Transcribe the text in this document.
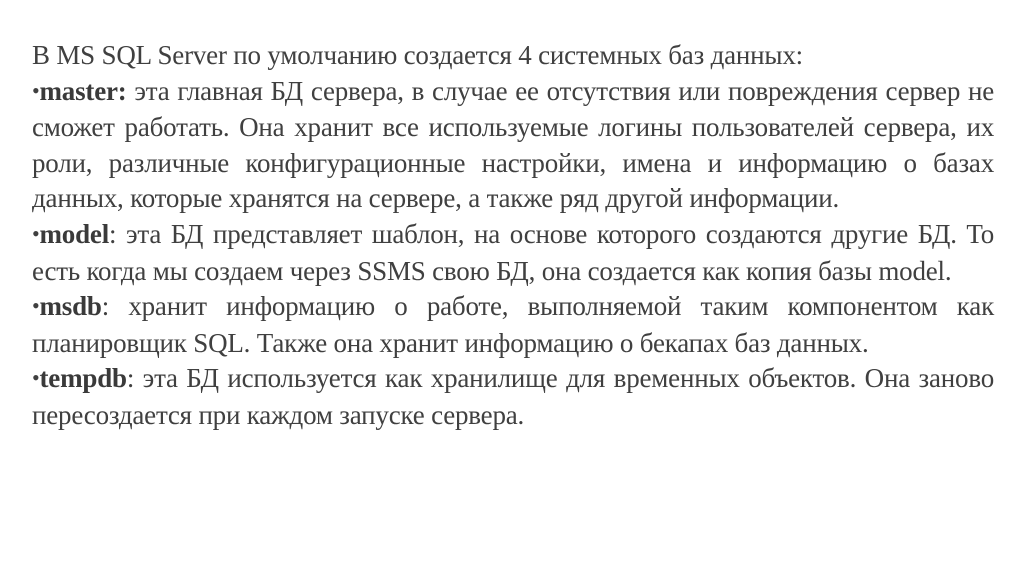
В MS SQL Server по умолчанию создается 4 системных баз данных:

•master: эта главная БД сервера, в случае ее отсутствия или повреждения сервер не сможет работать. Она хранит все используемые логины пользователей сервера, их роли, различные конфигурационные настройки, имена и информацию о базах данных, которые хранятся на сервере, а также ряд другой информации.

•model: эта БД представляет шаблон, на основе которого создаются другие БД. То есть когда мы создаем через SSMS свою БД, она создается как копия базы model.

•msdb: хранит информацию о работе, выполняемой таким компонентом как планировщик SQL. Также она хранит информацию о бекапах баз данных.

•tempdb: эта БД используется как хранилище для временных объектов. Она заново пересоздается при каждом запуске сервера.
